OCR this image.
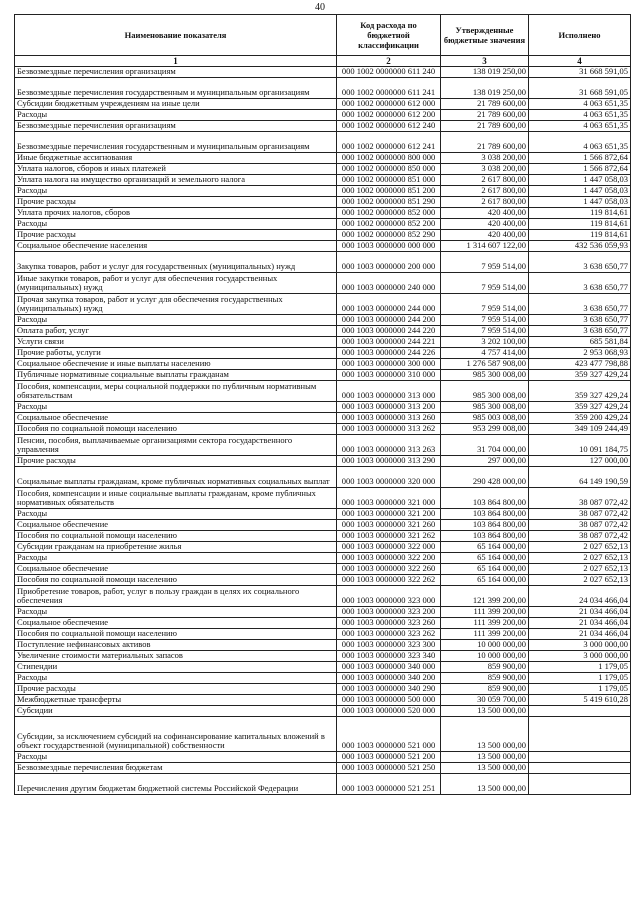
40
Наименование показателя	Код расхода по бюджетной классификации	Утвержденные бюджетные значения	Исполнено
1	2	3	4
Безвозмездные перечисления организациям	000 1002 0000000 611 240	138 019 250,00	31 668 591,05
Безвозмездные перечисления государственным и муниципальным организациям	000 1002 0000000 611 241	138 019 250,00	31 668 591,05
Субсидии бюджетным учреждениям на иные цели	000 1002 0000000 612 000	21 789 600,00	4 063 651,35
Расходы	000 1002 0000000 612 200	21 789 600,00	4 063 651,35
Безвозмездные перечисления организациям	000 1002 0000000 612 240	21 789 600,00	4 063 651,35
Безвозмездные перечисления государственным и муниципальным организациям	000 1002 0000000 612 241	21 789 600,00	4 063 651,35
Иные бюджетные ассигнования	000 1002 0000000 800 000	3 038 200,00	1 566 872,64
Уплата налогов, сборов и иных платежей	000 1002 0000000 850 000	3 038 200,00	1 566 872,64
Уплата налога на имущество организаций и земельного налога	000 1002 0000000 851 000	2 617 800,00	1 447 058,03
Расходы	000 1002 0000000 851 200	2 617 800,00	1 447 058,03
Прочие расходы	000 1002 0000000 851 290	2 617 800,00	1 447 058,03
Уплата прочих налогов, сборов	000 1002 0000000 852 000	420 400,00	119 814,61
Расходы	000 1002 0000000 852 200	420 400,00	119 814,61
Прочие расходы	000 1002 0000000 852 290	420 400,00	119 814,61
Социальное обеспечение населения	000 1003 0000000 000 000	1 314 607 122,00	432 536 059,93
Закупка товаров, работ и услуг для государственных (муниципальных) нужд	000 1003 0000000 200 000	7 959 514,00	3 638 650,77
Иные закупки товаров, работ и услуг для обеспечения государственных (муниципальных) нужд	000 1003 0000000 240 000	7 959 514,00	3 638 650,77
Прочая закупка товаров, работ и услуг для обеспечения государственных (муниципальных) нужд	000 1003 0000000 244 000	7 959 514,00	3 638 650,77
Расходы	000 1003 0000000 244 200	7 959 514,00	3 638 650,77
Оплата работ, услуг	000 1003 0000000 244 220	7 959 514,00	3 638 650,77
Услуги связи	000 1003 0000000 244 221	3 202 100,00	685 581,84
Прочие работы, услуги	000 1003 0000000 244 226	4 757 414,00	2 953 068,93
Социальное обеспечение и иные выплаты населению	000 1003 0000000 300 000	1 276 587 908,00	423 477 798,88
Публичные нормативные социальные выплаты гражданам	000 1003 0000000 310 000	985 300 008,00	359 327 429,24
Пособия, компенсации, меры социальной поддержки по публичным нормативным обязательствам	000 1003 0000000 313 000	985 300 008,00	359 327 429,24
Расходы	000 1003 0000000 313 200	985 300 008,00	359 327 429,24
Социальное обеспечение	000 1003 0000000 313 260	985 003 008,00	359 200 429,24
Пособия по социальной помощи населению	000 1003 0000000 313 262	953 299 008,00	349 109 244,49
Пенсии, пособия, выплачиваемые организациями сектора государственного управления	000 1003 0000000 313 263	31 704 000,00	10 091 184,75
Прочие расходы	000 1003 0000000 313 290	297 000,00	127 000,00
Социальные выплаты гражданам, кроме публичных нормативных социальных выплат	000 1003 0000000 320 000	290 428 000,00	64 149 190,59
Пособия, компенсации и иные социальные выплаты гражданам, кроме публичных нормативных обязательств	000 1003 0000000 321 000	103 864 800,00	38 087 072,42
Расходы	000 1003 0000000 321 200	103 864 800,00	38 087 072,42
Социальное обеспечение	000 1003 0000000 321 260	103 864 800,00	38 087 072,42
Пособия по социальной помощи населению	000 1003 0000000 321 262	103 864 800,00	38 087 072,42
Субсидии гражданам на приобретение жилья	000 1003 0000000 322 000	65 164 000,00	2 027 652,13
Расходы	000 1003 0000000 322 200	65 164 000,00	2 027 652,13
Социальное обеспечение	000 1003 0000000 322 260	65 164 000,00	2 027 652,13
Пособия по социальной помощи населению	000 1003 0000000 322 262	65 164 000,00	2 027 652,13
Приобретение товаров, работ, услуг в пользу граждан в целях их социального обеспечения	000 1003 0000000 323 000	121 399 200,00	24 034 466,04
Расходы	000 1003 0000000 323 200	111 399 200,00	21 034 466,04
Социальное обеспечение	000 1003 0000000 323 260	111 399 200,00	21 034 466,04
Пособия по социальной помощи населению	000 1003 0000000 323 262	111 399 200,00	21 034 466,04
Поступление нефинансовых активов	000 1003 0000000 323 300	10 000 000,00	3 000 000,00
Увеличение стоимости материальных запасов	000 1003 0000000 323 340	10 000 000,00	3 000 000,00
Стипендии	000 1003 0000000 340 000	859 900,00	1 179,05
Расходы	000 1003 0000000 340 200	859 900,00	1 179,05
Прочие расходы	000 1003 0000000 340 290	859 900,00	1 179,05
Межбюджетные трансферты	000 1003 0000000 500 000	30 059 700,00	5 419 610,28
Субсидии	000 1003 0000000 520 000	13 500 000,00	
Субсидии, за исключением субсидий на софинансирование капитальных вложений в объект государственной (муниципальной) собственности	000 1003 0000000 521 000	13 500 000,00	
Расходы	000 1003 0000000 521 200	13 500 000,00	
Безвозмездные перечисления бюджетам	000 1003 0000000 521 250	13 500 000,00	
Перечисления другим бюджетам бюджетной системы Российской Федерации	000 1003 0000000 521 251	13 500 000,00	
